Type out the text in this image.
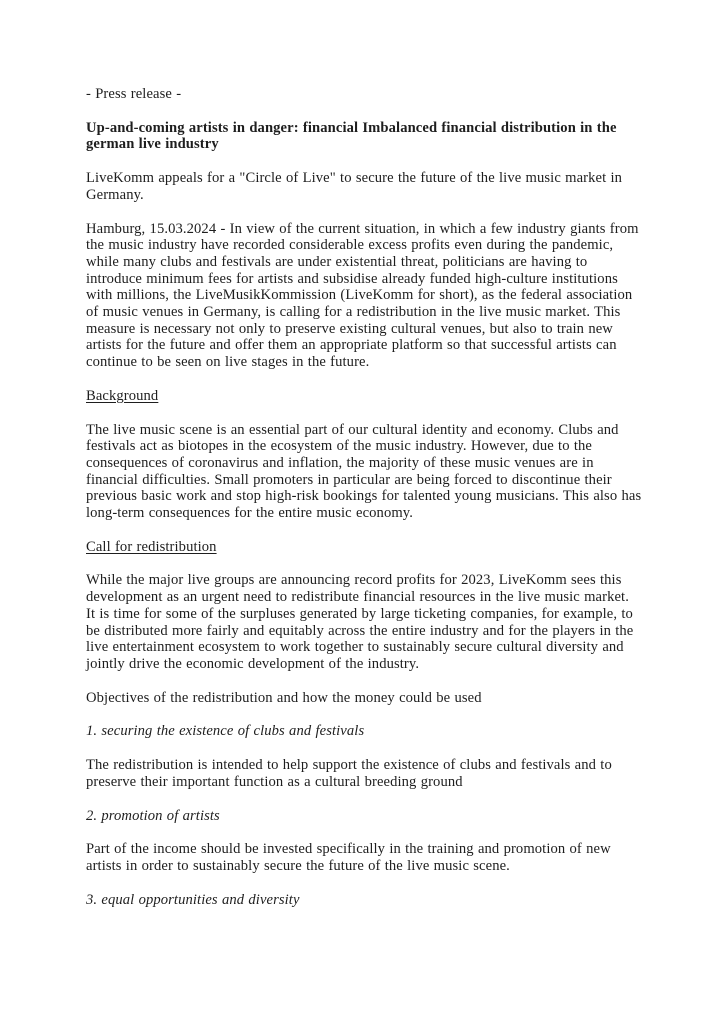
- Press release -

Up-and-coming artists in danger: financial Imbalanced financial distribution in the german live industry

LiveKomm appeals for a "Circle of Live" to secure the future of the live music market in Germany.

Hamburg, 15.03.2024 - In view of the current situation, in which a few industry giants from the music industry have recorded considerable excess profits even during the pandemic, while many clubs and festivals are under existential threat, politicians are having to introduce minimum fees for artists and subsidise already funded high-culture institutions with millions, the LiveMusikKommission (LiveKomm for short), as the federal association of music venues in Germany, is calling for a redistribution in the live music market. This measure is necessary not only to preserve existing cultural venues, but also to train new artists for the future and offer them an appropriate platform so that successful artists can continue to be seen on live stages in the future.

Background

The live music scene is an essential part of our cultural identity and economy. Clubs and festivals act as biotopes in the ecosystem of the music industry. However, due to the consequences of coronavirus and inflation, the majority of these music venues are in financial difficulties. Small promoters in particular are being forced to discontinue their previous basic work and stop high-risk bookings for talented young musicians. This also has long-term consequences for the entire music economy.

Call for redistribution

While the major live groups are announcing record profits for 2023, LiveKomm sees this development as an urgent need to redistribute financial resources in the live music market. It is time for some of the surpluses generated by large ticketing companies, for example, to be distributed more fairly and equitably across the entire industry and for the players in the live entertainment ecosystem to work together to sustainably secure cultural diversity and jointly drive the economic development of the industry.

Objectives of the redistribution and how the money could be used

1. securing the existence of clubs and festivals

The redistribution is intended to help support the existence of clubs and festivals and to preserve their important function as a cultural breeding ground

2. promotion of artists

Part of the income should be invested specifically in the training and promotion of new artists in order to sustainably secure the future of the live music scene.

3. equal opportunities and diversity
